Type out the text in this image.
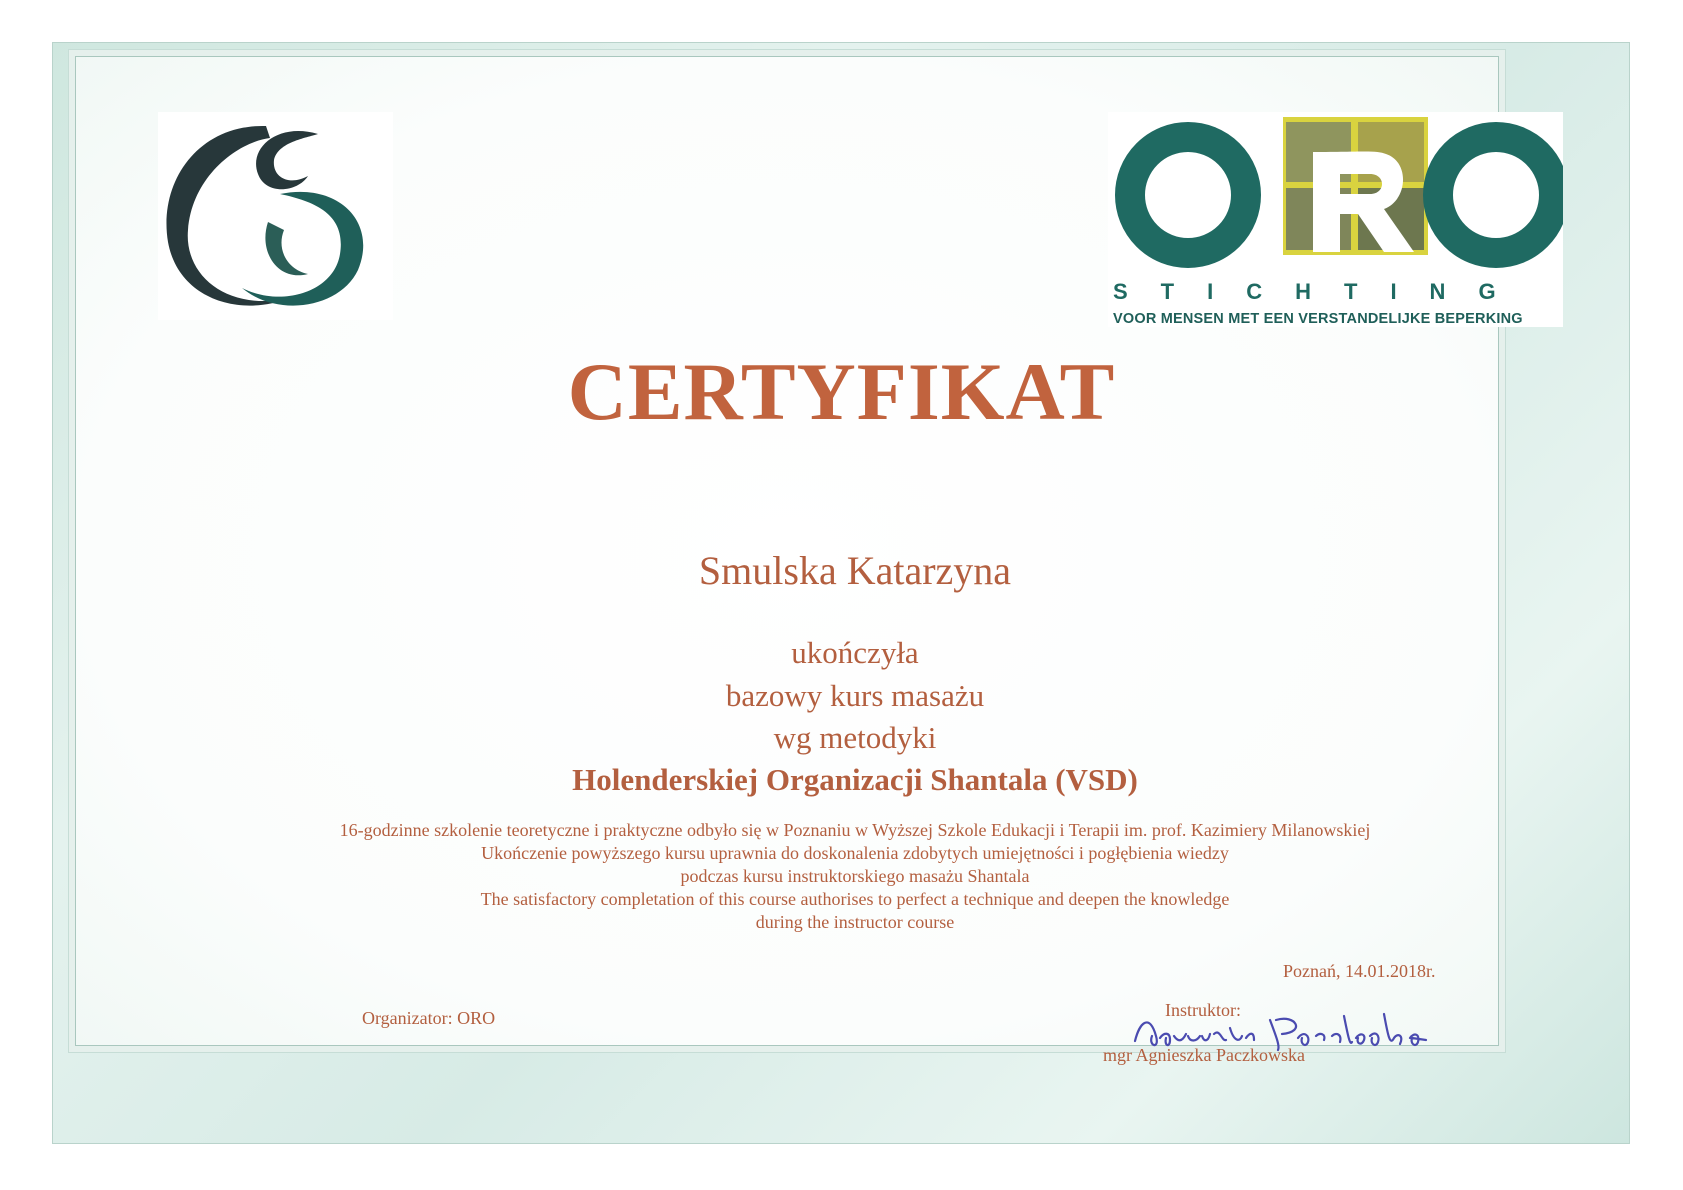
STICHTING
VOOR MENSEN MET EEN VERSTANDELIJKE BEPERKING
CERTYFIKAT
Smulska Katarzyna
ukończyła
bazowy kurs masażu
wg metodyki
Holenderskiej Organizacji Shantala (VSD)
16-godzinne szkolenie teoretyczne i praktyczne odbyło się w Poznaniu w Wyższej Szkole Edukacji i Terapii im. prof. Kazimiery Milanowskiej
Ukończenie powyższego kursu uprawnia do doskonalenia zdobytych umiejętności i pogłębienia wiedzy
podczas kursu instruktorskiego masażu Shantala
The satisfactory completation of this course authorises to perfect a technique and deepen the knowledge
during the instructor course
Poznań, 14.01.2018r.
Organizator: ORO	Instruktor:
mgr Agnieszka Paczkowska
